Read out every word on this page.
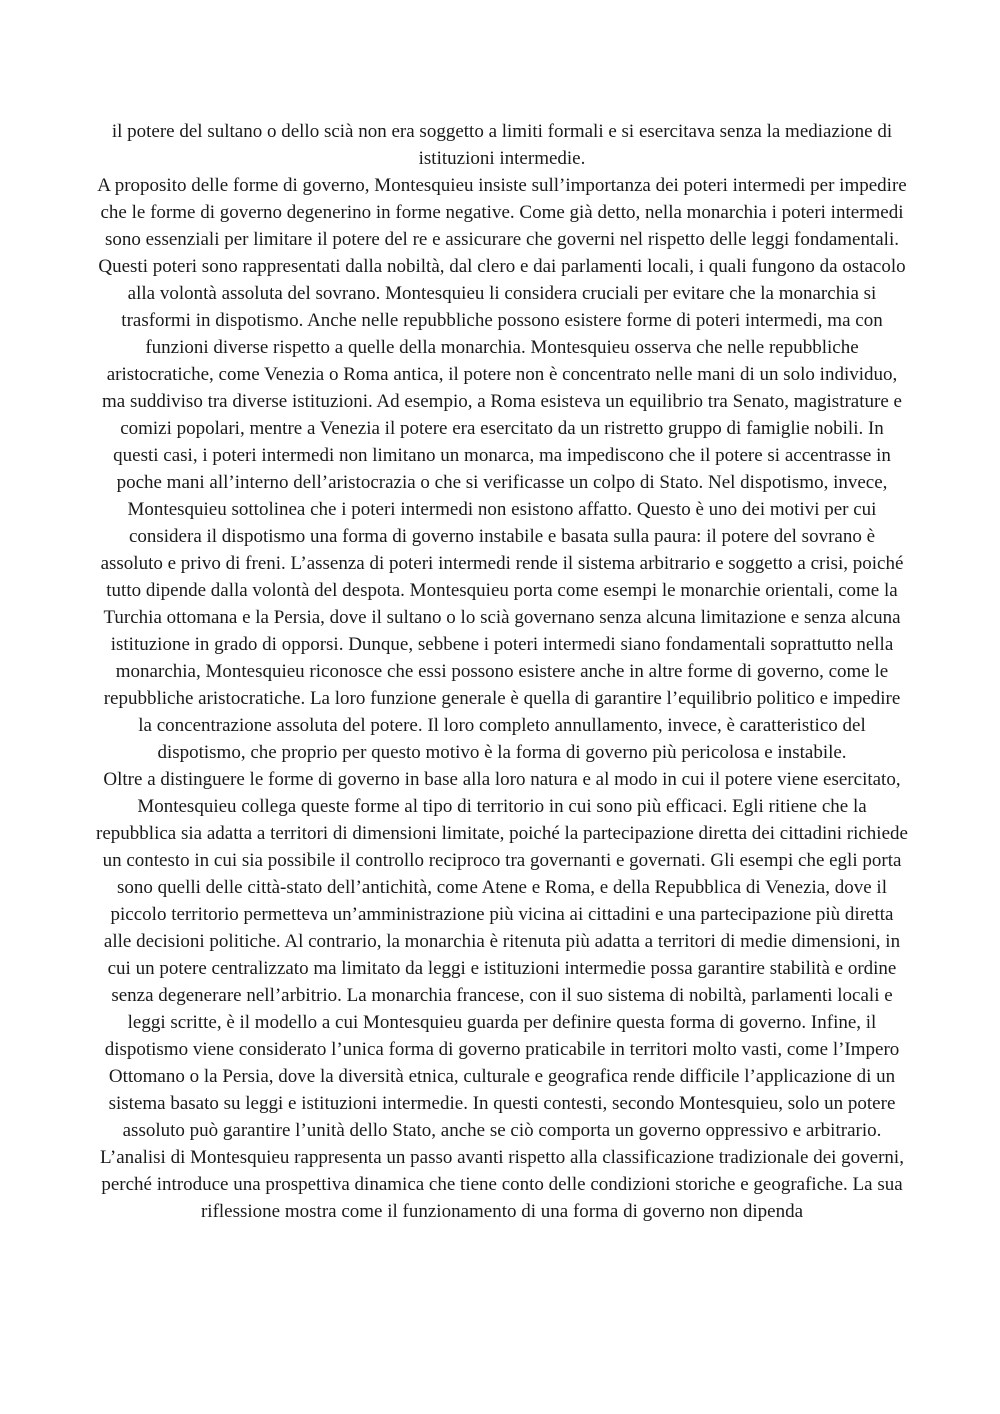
il potere del sultano o dello scià non era soggetto a limiti formali e si esercitava senza la mediazione di istituzioni intermedie.

A proposito delle forme di governo, Montesquieu insiste sull’importanza dei poteri intermedi per impedire che le forme di governo degenerino in forme negative. Come già detto, nella monarchia i poteri intermedi sono essenziali per limitare il potere del re e assicurare che governi nel rispetto delle leggi fondamentali. Questi poteri sono rappresentati dalla nobiltà, dal clero e dai parlamenti locali, i quali fungono da ostacolo alla volontà assoluta del sovrano. Montesquieu li considera cruciali per evitare che la monarchia si trasformi in dispotismo. Anche nelle repubbliche possono esistere forme di poteri intermedi, ma con funzioni diverse rispetto a quelle della monarchia. Montesquieu osserva che nelle repubbliche aristocratiche, come Venezia o Roma antica, il potere non è concentrato nelle mani di un solo individuo, ma suddiviso tra diverse istituzioni. Ad esempio, a Roma esisteva un equilibrio tra Senato, magistrature e comizi popolari, mentre a Venezia il potere era esercitato da un ristretto gruppo di famiglie nobili. In questi casi, i poteri intermedi non limitano un monarca, ma impediscono che il potere si accentrasse in poche mani all’interno dell’aristocrazia o che si verificasse un colpo di Stato. Nel dispotismo, invece, Montesquieu sottolinea che i poteri intermedi non esistono affatto. Questo è uno dei motivi per cui considera il dispotismo una forma di governo instabile e basata sulla paura: il potere del sovrano è assoluto e privo di freni. L’assenza di poteri intermedi rende il sistema arbitrario e soggetto a crisi, poiché tutto dipende dalla volontà del despota. Montesquieu porta come esempi le monarchie orientali, come la Turchia ottomana e la Persia, dove il sultano o lo scià governano senza alcuna limitazione e senza alcuna istituzione in grado di opporsi. Dunque, sebbene i poteri intermedi siano fondamentali soprattutto nella monarchia, Montesquieu riconosce che essi possono esistere anche in altre forme di governo, come le repubbliche aristocratiche. La loro funzione generale è quella di garantire l’equilibrio politico e impedire la concentrazione assoluta del potere. Il loro completo annullamento, invece, è caratteristico del dispotismo, che proprio per questo motivo è la forma di governo più pericolosa e instabile.

Oltre a distinguere le forme di governo in base alla loro natura e al modo in cui il potere viene esercitato, Montesquieu collega queste forme al tipo di territorio in cui sono più efficaci. Egli ritiene che la repubblica sia adatta a territori di dimensioni limitate, poiché la partecipazione diretta dei cittadini richiede un contesto in cui sia possibile il controllo reciproco tra governanti e governati. Gli esempi che egli porta sono quelli delle città-stato dell’antichità, come Atene e Roma, e della Repubblica di Venezia, dove il piccolo territorio permetteva un’amministrazione più vicina ai cittadini e una partecipazione più diretta alle decisioni politiche. Al contrario, la monarchia è ritenuta più adatta a territori di medie dimensioni, in cui un potere centralizzato ma limitato da leggi e istituzioni intermedie possa garantire stabilità e ordine senza degenerare nell’arbitrio. La monarchia francese, con il suo sistema di nobiltà, parlamenti locali e leggi scritte, è il modello a cui Montesquieu guarda per definire questa forma di governo. Infine, il dispotismo viene considerato l’unica forma di governo praticabile in territori molto vasti, come l’Impero Ottomano o la Persia, dove la diversità etnica, culturale e geografica rende difficile l’applicazione di un sistema basato su leggi e istituzioni intermedie. In questi contesti, secondo Montesquieu, solo un potere assoluto può garantire l’unità dello Stato, anche se ciò comporta un governo oppressivo e arbitrario.

L’analisi di Montesquieu rappresenta un passo avanti rispetto alla classificazione tradizionale dei governi, perché introduce una prospettiva dinamica che tiene conto delle condizioni storiche e geografiche. La sua riflessione mostra come il funzionamento di una forma di governo non dipenda
